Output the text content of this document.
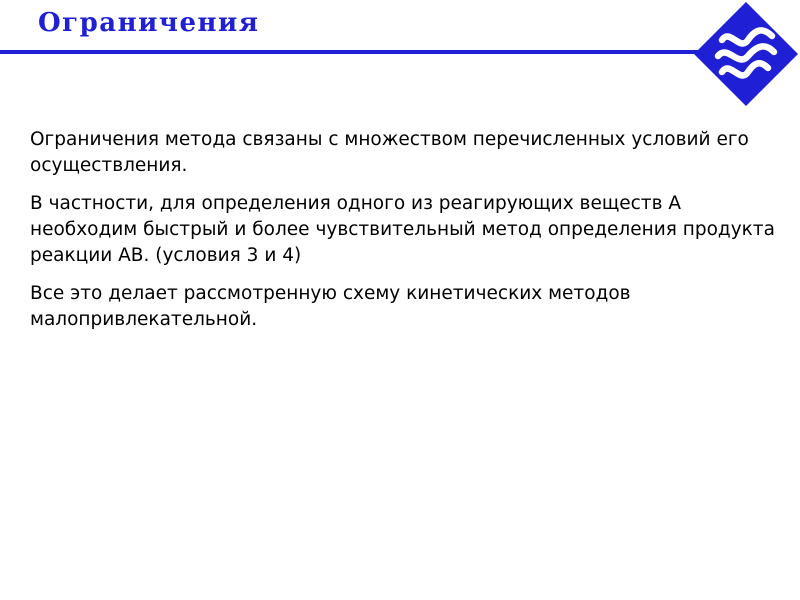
Ограничения

Ограничения метода связаны с множеством перечисленных условий его осуществления.

В частности, для определения одного из реагирующих веществ А необходим быстрый и более чувствительный метод определения продукта реакции АВ. (условия 3 и 4)

Все это делает рассмотренную схему кинетических методов малопривлекательной.
